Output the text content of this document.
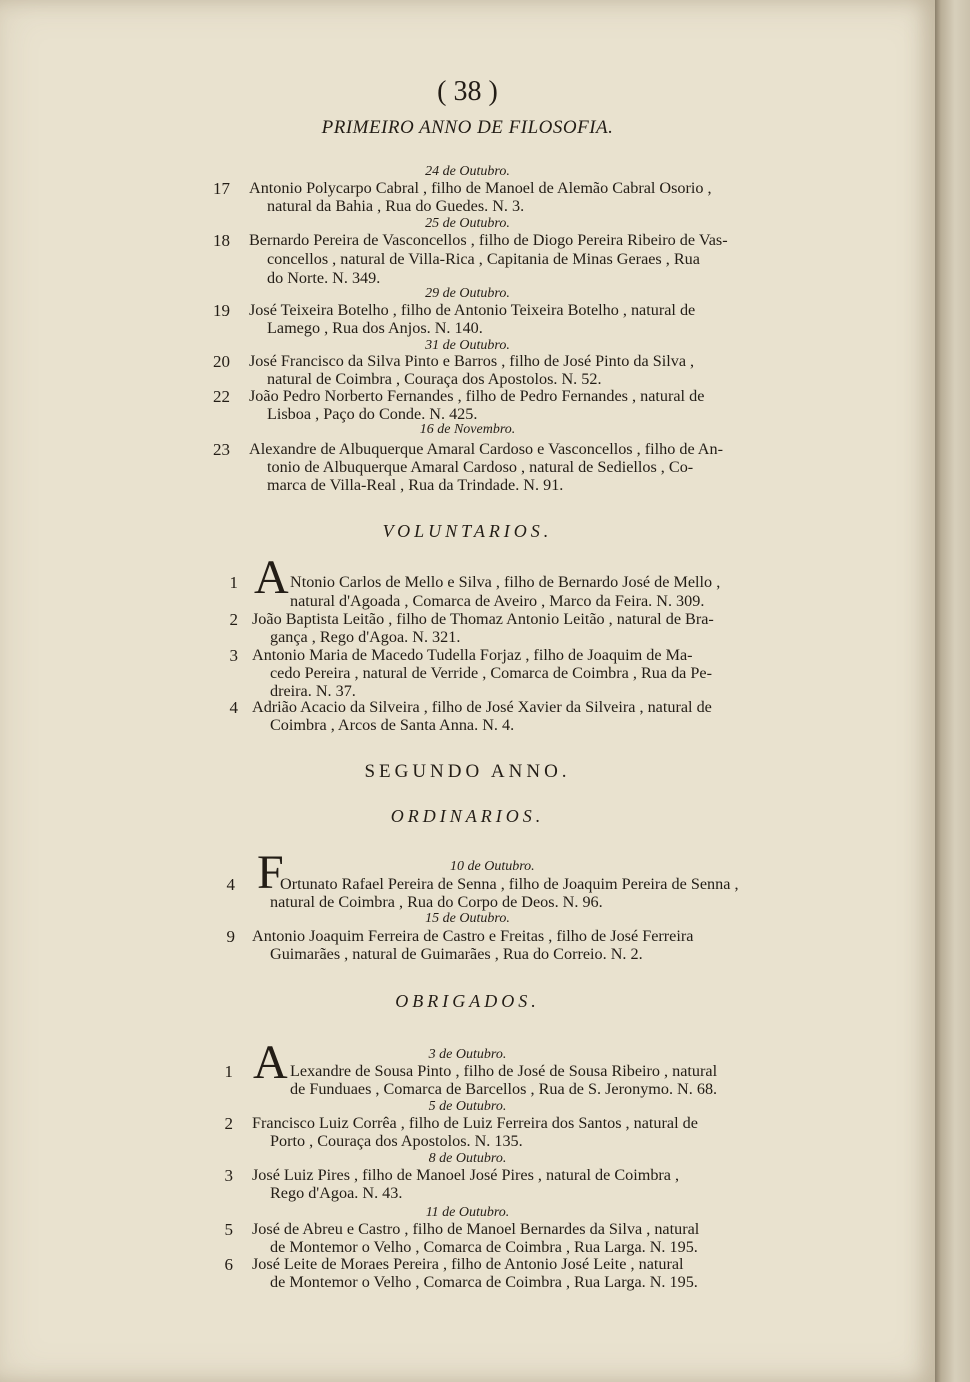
( 38 )
PRIMEIRO ANNO DE FILOSOFIA.
24 de Outubro.
17 Antonio Polycarpo Cabral , filho de Manoel de Alemão Cabral Osorio ,
natural da Bahia , Rua do Guedes. N. 3.
25 de Outubro.
18 Bernardo Pereira de Vasconcellos , filho de Diogo Pereira Ribeiro de Vas-
concellos , natural de Villa-Rica , Capitania de Minas Geraes , Rua
do Norte. N. 349.
29 de Outubro.
19 José Teixeira Botelho , filho de Antonio Teixeira Botelho , natural de
Lamego , Rua dos Anjos. N. 140.
31 de Outubro.
20 José Francisco da Silva Pinto e Barros , filho de José Pinto da Silva ,
natural de Coimbra , Couraça dos Apostolos. N. 52.
22 João Pedro Norberto Fernandes , filho de Pedro Fernandes , natural de
Lisboa , Paço do Conde. N. 425.
16 de Novembro.
23 Alexandre de Albuquerque Amaral Cardoso e Vasconcellos , filho de An-
tonio de Albuquerque Amaral Cardoso , natural de Sediellos , Co-
marca de Villa-Real , Rua da Trindade. N. 91.
VOLUNTARIOS.
A
1	Ntonio Carlos de Mello e Silva , filho de Bernardo José de Mello ,
natural d'Agoada , Comarca de Aveiro , Marco da Feira. N. 309.
2 João Baptista Leitão , filho de Thomaz Antonio Leitão , natural de Bra-
gança , Rego d'Agoa. N. 321.
3 Antonio Maria de Macedo Tudella Forjaz , filho de Joaquim de Ma-
cedo Pereira , natural de Verride , Comarca de Coimbra , Rua da Pe-
dreira. N. 37.
4 Adrião Acacio da Silveira , filho de José Xavier da Silveira , natural de
Coimbra , Arcos de Santa Anna. N. 4.
SEGUNDO ANNO.
ORDINARIOS.
F	10 de Outubro.
4	Ortunato Rafael Pereira de Senna , filho de Joaquim Pereira de Senna ,
natural de Coimbra , Rua do Corpo de Deos. N. 96.
15 de Outubro.
9 Antonio Joaquim Ferreira de Castro e Freitas , filho de José Ferreira
Guimarães , natural de Guimarães , Rua do Correio. N. 2.
OBRIGADOS.
A	3 de Outubro.
1	Lexandre de Sousa Pinto , filho de José de Sousa Ribeiro , natural
de Funduaes , Comarca de Barcellos , Rua de S. Jeronymo. N. 68.
5 de Outubro.
2 Francisco Luiz Corrêa , filho de Luiz Ferreira dos Santos , natural de
Porto , Couraça dos Apostolos. N. 135.
8 de Outubro.
3 José Luiz Pires , filho de Manoel José Pires , natural de Coimbra ,
Rego d'Agoa. N. 43.
11 de Outubro.
5 José de Abreu e Castro , filho de Manoel Bernardes da Silva , natural
de Montemor o Velho , Comarca de Coimbra , Rua Larga. N. 195.
6 José Leite de Moraes Pereira , filho de Antonio José Leite , natural
de Montemor o Velho , Comarca de Coimbra , Rua Larga. N. 195.
